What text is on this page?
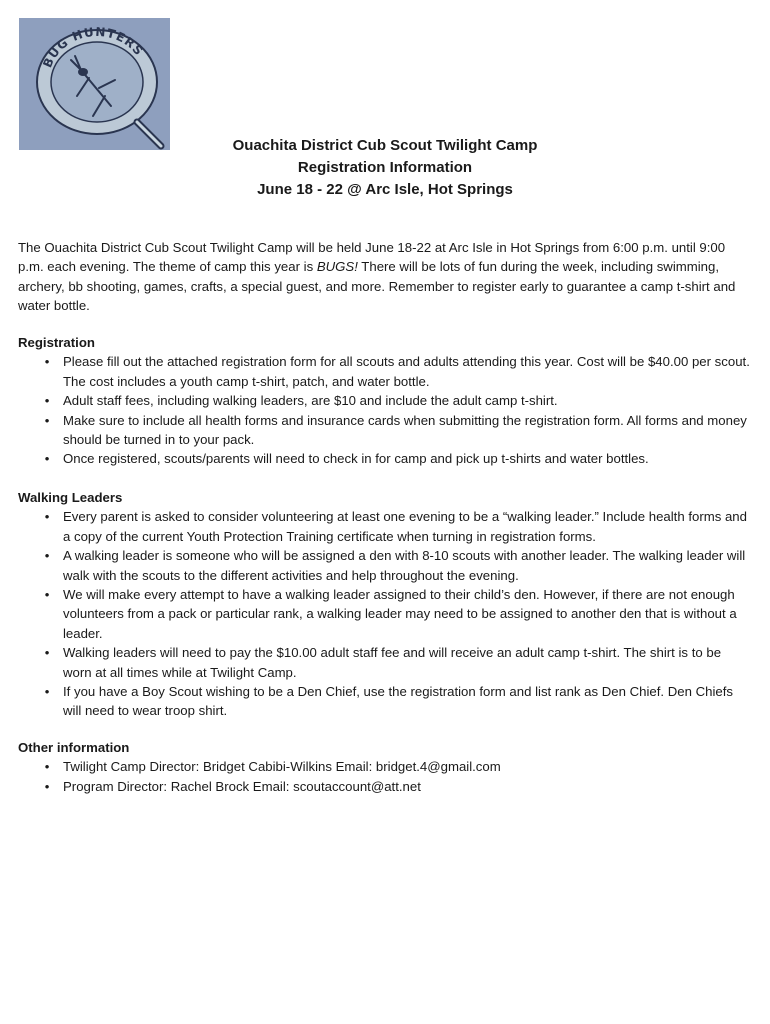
BUG HUNTERS
Ouachita District Cub Scout Twilight Camp
Registration Information
June 18 - 22 @ Arc Isle, Hot Springs

The Ouachita District Cub Scout Twilight Camp will be held June 18-22 at Arc Isle in Hot Springs from 6:00 p.m. until 9:00 p.m. each evening. The theme of camp this year is BUGS! There will be lots of fun during the week, including swimming, archery, bb shooting, games, crafts, a special guest, and more. Remember to register early to guarantee a camp t-shirt and water bottle.

Registration
• Please fill out the attached registration form for all scouts and adults attending this year. Cost will be $40.00 per scout. The cost includes a youth camp t-shirt, patch, and water bottle.
• Adult staff fees, including walking leaders, are $10 and include the adult camp t-shirt.
• Make sure to include all health forms and insurance cards when submitting the registration form. All forms and money should be turned in to your pack.
• Once registered, scouts/parents will need to check in for camp and pick up t-shirts and water bottles.
Walking Leaders
• Every parent is asked to consider volunteering at least one evening to be a “walking leader.” Include health forms and a copy of the current Youth Protection Training certificate when turning in registration forms.
• A walking leader is someone who will be assigned a den with 8-10 scouts with another leader. The walking leader will walk with the scouts to the different activities and help throughout the evening.
• We will make every attempt to have a walking leader assigned to their child’s den. However, if there are not enough volunteers from a pack or particular rank, a walking leader may need to be assigned to another den that is without a leader.
• Walking leaders will need to pay the $10.00 adult staff fee and will receive an adult camp t-shirt. The shirt is to be worn at all times while at Twilight Camp.
• If you have a Boy Scout wishing to be a Den Chief, use the registration form and list rank as Den Chief. Den Chiefs will need to wear troop shirt.
Other information
• Twilight Camp Director: Bridget Cabibi-Wilkins Email: bridget.4@gmail.com
• Program Director: Rachel Brock Email: scoutaccount@att.net
